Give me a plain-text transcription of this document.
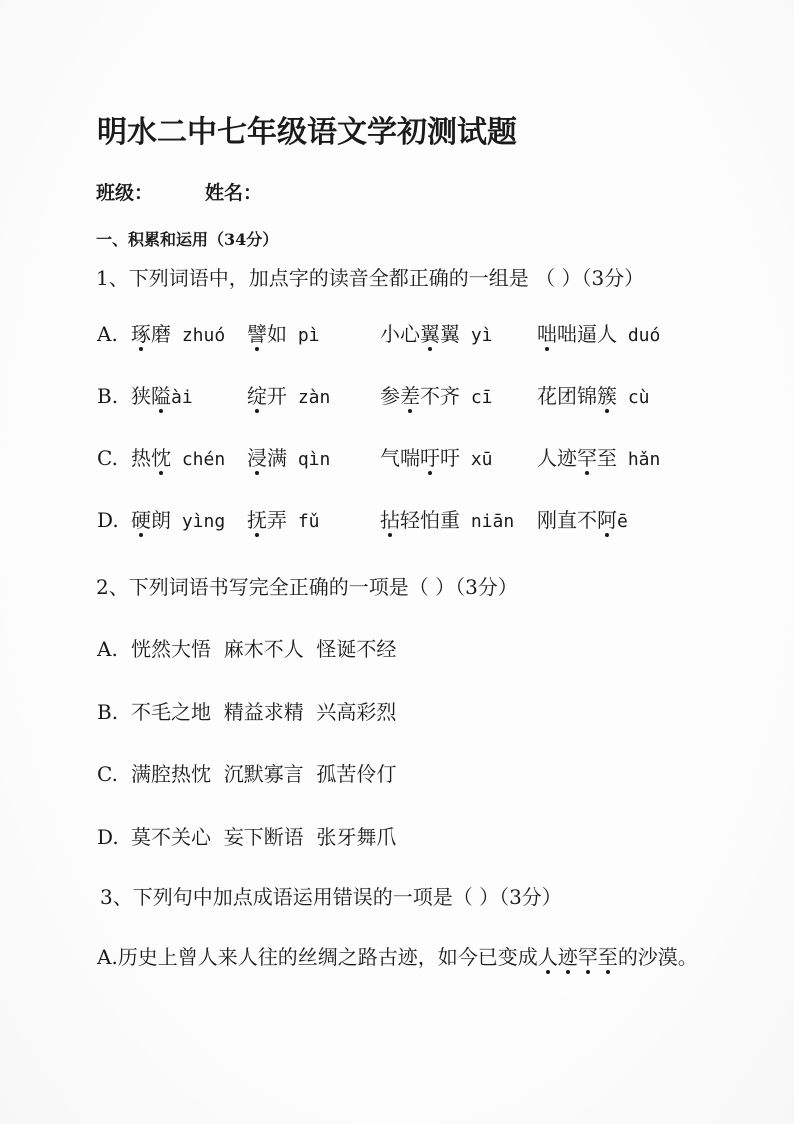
明水二中七年级语文学初测试题
班级：	姓名：
一、积累和运用（34分）
1、下列词语中，加点字的读音全都正确的一组是 （ ）（3分）
A. 琢磨 zhuó 譬如 pì	小心翼翼 yì 咄咄逼人 duó
B. 狭隘ài	绽开 zàn 参差不齐 cī 花团锦簇 cù
C. 热忱 chén 浸满 qìn 气喘吁吁 xū 人迹罕至 hǎn
D. 硬朗 yìng 抚弄 fǔ	拈轻怕重 niān 刚直不阿ē
2、下列词语书写完全正确的一项是（ ）（3分）
A. 恍然大悟  麻木不人  怪诞不经
B. 不毛之地  精益求精  兴高彩烈
C. 满腔热忱  沉默寡言  孤苦伶仃
D. 莫不关心  妄下断语  张牙舞爪
3、下列句中加点成语运用错误的一项是（ ）（3分）
A.历史上曾人来人往的丝绸之路古迹，如今已变成人迹罕至的沙漠。
